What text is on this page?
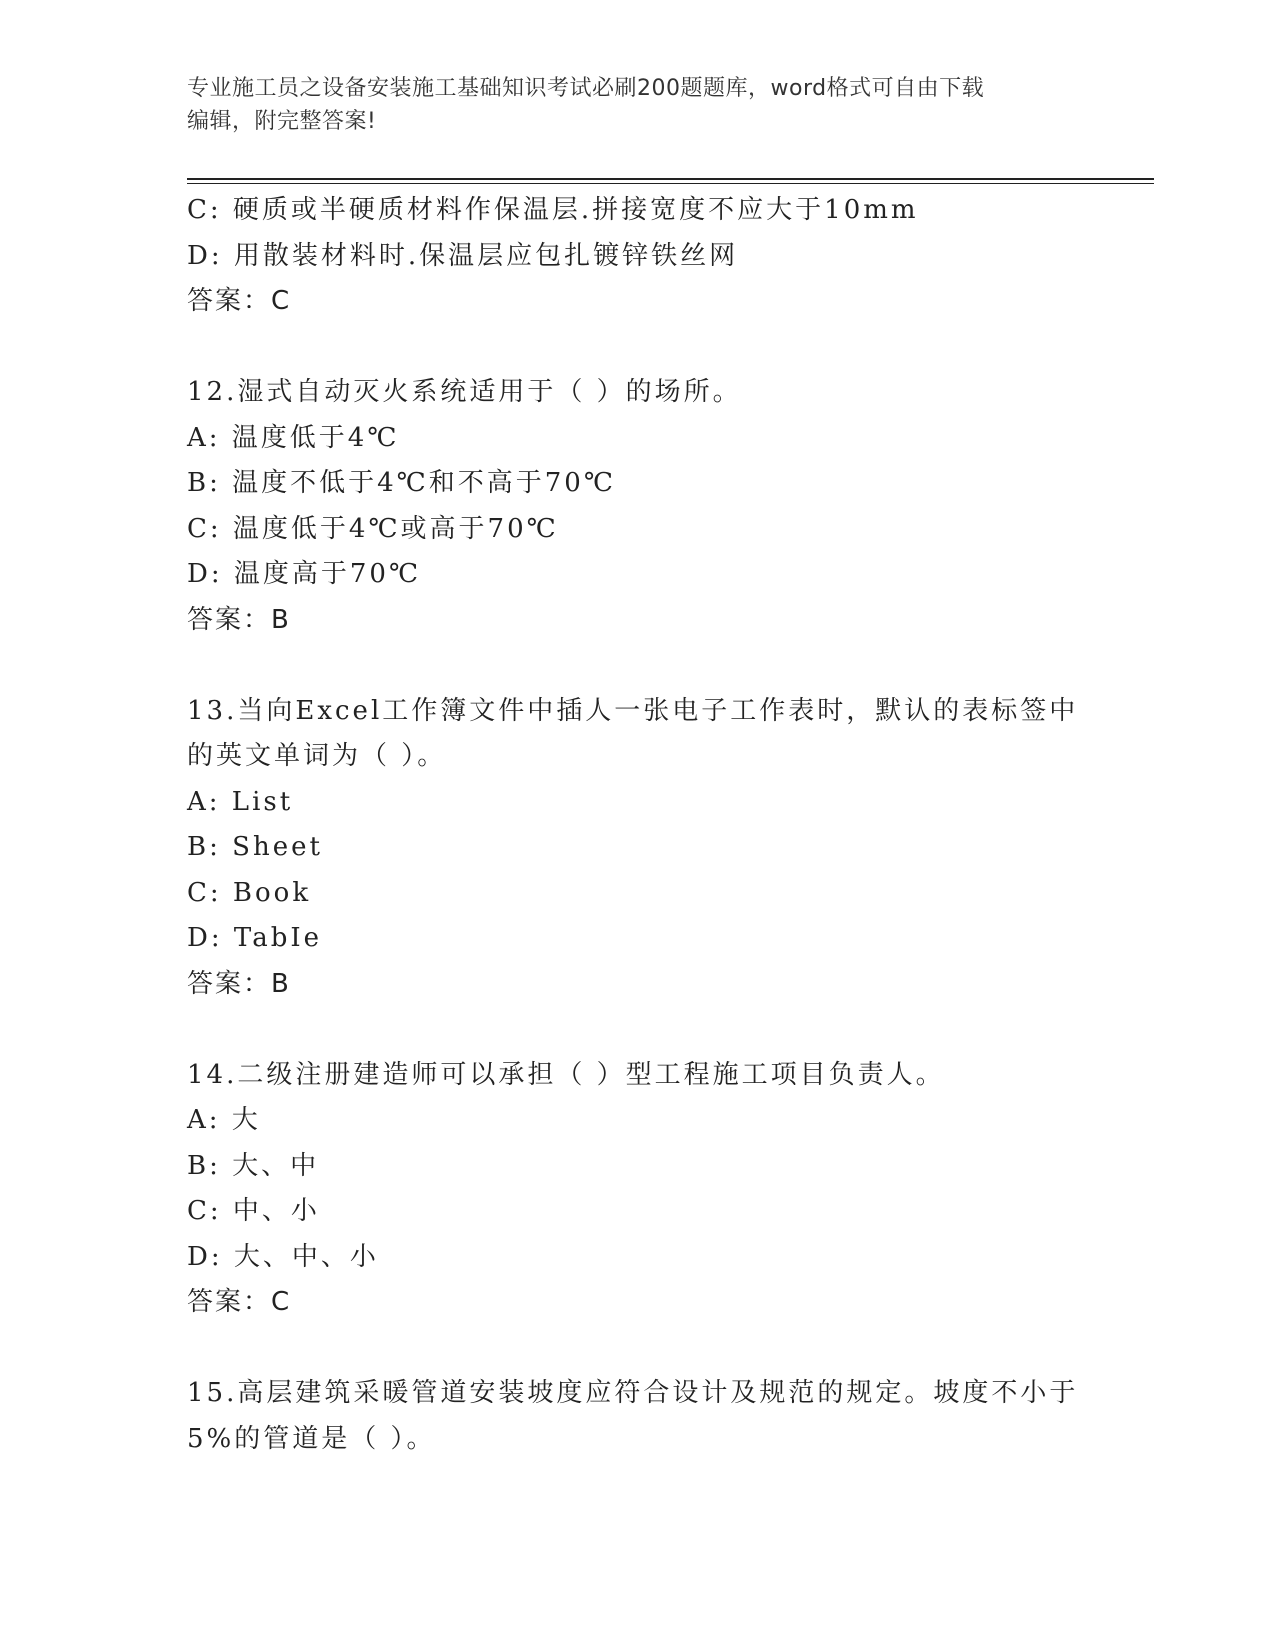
专业施工员之设备安装施工基础知识考试必刷200题题库，word格式可自由下载
编辑，附完整答案!
C: 硬质或半硬质材料作保温层.拼接宽度不应大于10mm
D: 用散装材料时.保温层应包扎镀锌铁丝网
答案：C
12.湿式自动灭火系统适用于（ ）的场所。
A: 温度低于4℃
B: 温度不低于4℃和不高于70℃
C: 温度低于4℃或高于70℃
D: 温度高于70℃
答案：B
13.当向Excel工作簿文件中插人一张电子工作表时，默认的表标签中
的英文单词为（ ）。
A: List
B: Sheet
C: Book
D: TabIe
答案：B
14.二级注册建造师可以承担（ ）型工程施工项目负责人。
A: 大
B: 大、中
C: 中、小
D: 大、中、小
答案：C
15.高层建筑采暖管道安装坡度应符合设计及规范的规定。坡度不小于
5%的管道是（ ）。
